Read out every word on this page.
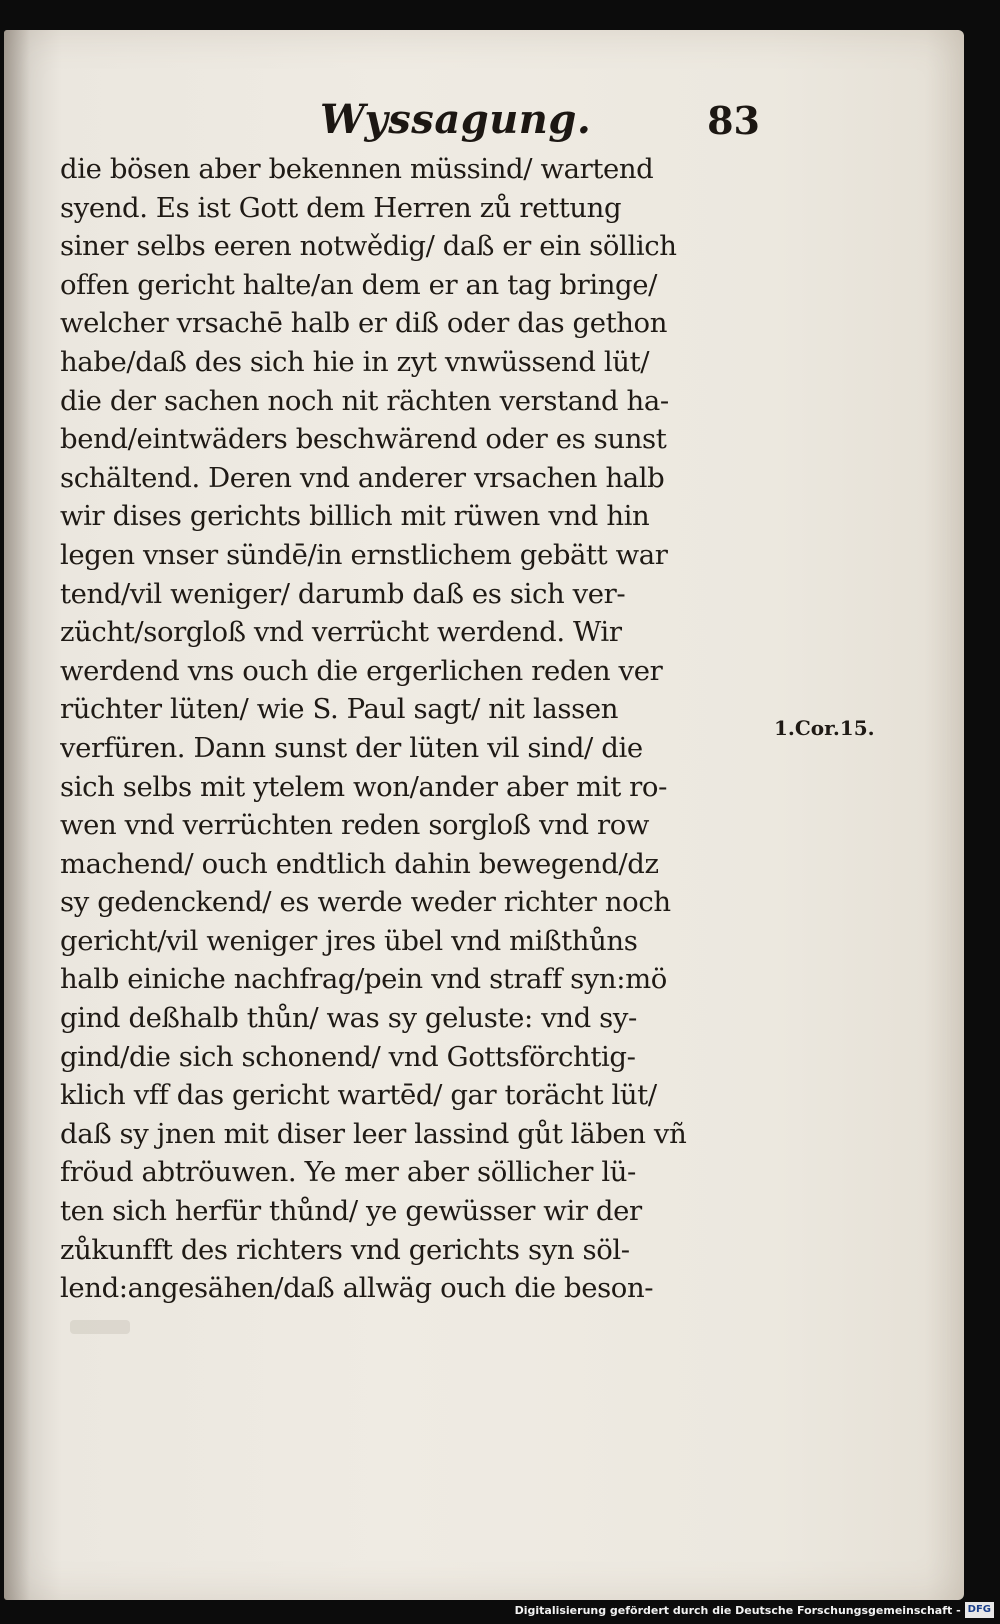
Wyssagung.	83
die bösen aber bekennen müssind/ wartend
syend. Es ist Gott dem Herren zů rettung
siner selbs eeren notwědig/ daß er ein söllich
offen gericht halte/an dem er an tag bringe/
welcher vrsachē halb er diß oder das gethon
habe/daß des sich hie in zyt vnwüssend lüt/
die der sachen noch nit rächten verstand ha-
bend/eintwäders beschwärend oder es sunst
schältend. Deren vnd anderer vrsachen halb
wir dises gerichts billich mit rüwen vnd hin
legen vnser sündē/in ernstlichem gebätt war
tend/vil weniger/ darumb daß es sich ver-
zücht/sorgloß vnd verrücht werdend. Wir
werdend vns ouch die ergerlichen reden ver
rüchter lüten/ wie S. Paul sagt/ nit lassen
verfüren. Dann sunst der lüten vil sind/ die
sich selbs mit ytelem won/ander aber mit ro-
wen vnd verrüchten reden sorgloß vnd row
machend/ ouch endtlich dahin bewegend/dz
sy gedenckend/ es werde weder richter noch
gericht/vil weniger jres übel vnd mißthůns
halb einiche nachfrag/pein vnd straff syn:mö
gind deßhalb thůn/ was sy geluste: vnd sy-
gind/die sich schonend/ vnd Gottsförchtig-
klich vff das gericht wartēd/ gar torächt lüt/
daß sy jnen mit diser leer lassind gůt läben vñ
fröud abtröuwen. Ye mer aber söllicher lü-
ten sich herfür thůnd/ ye gewüsser wir der
zůkunfft des richters vnd gerichts syn söl-
lend:angesähen/daß allwäg ouch die beson-
1.Cor.15.
Digitalisierung gefördert durch die Deutsche Forschungsgemeinschaft - DFG
